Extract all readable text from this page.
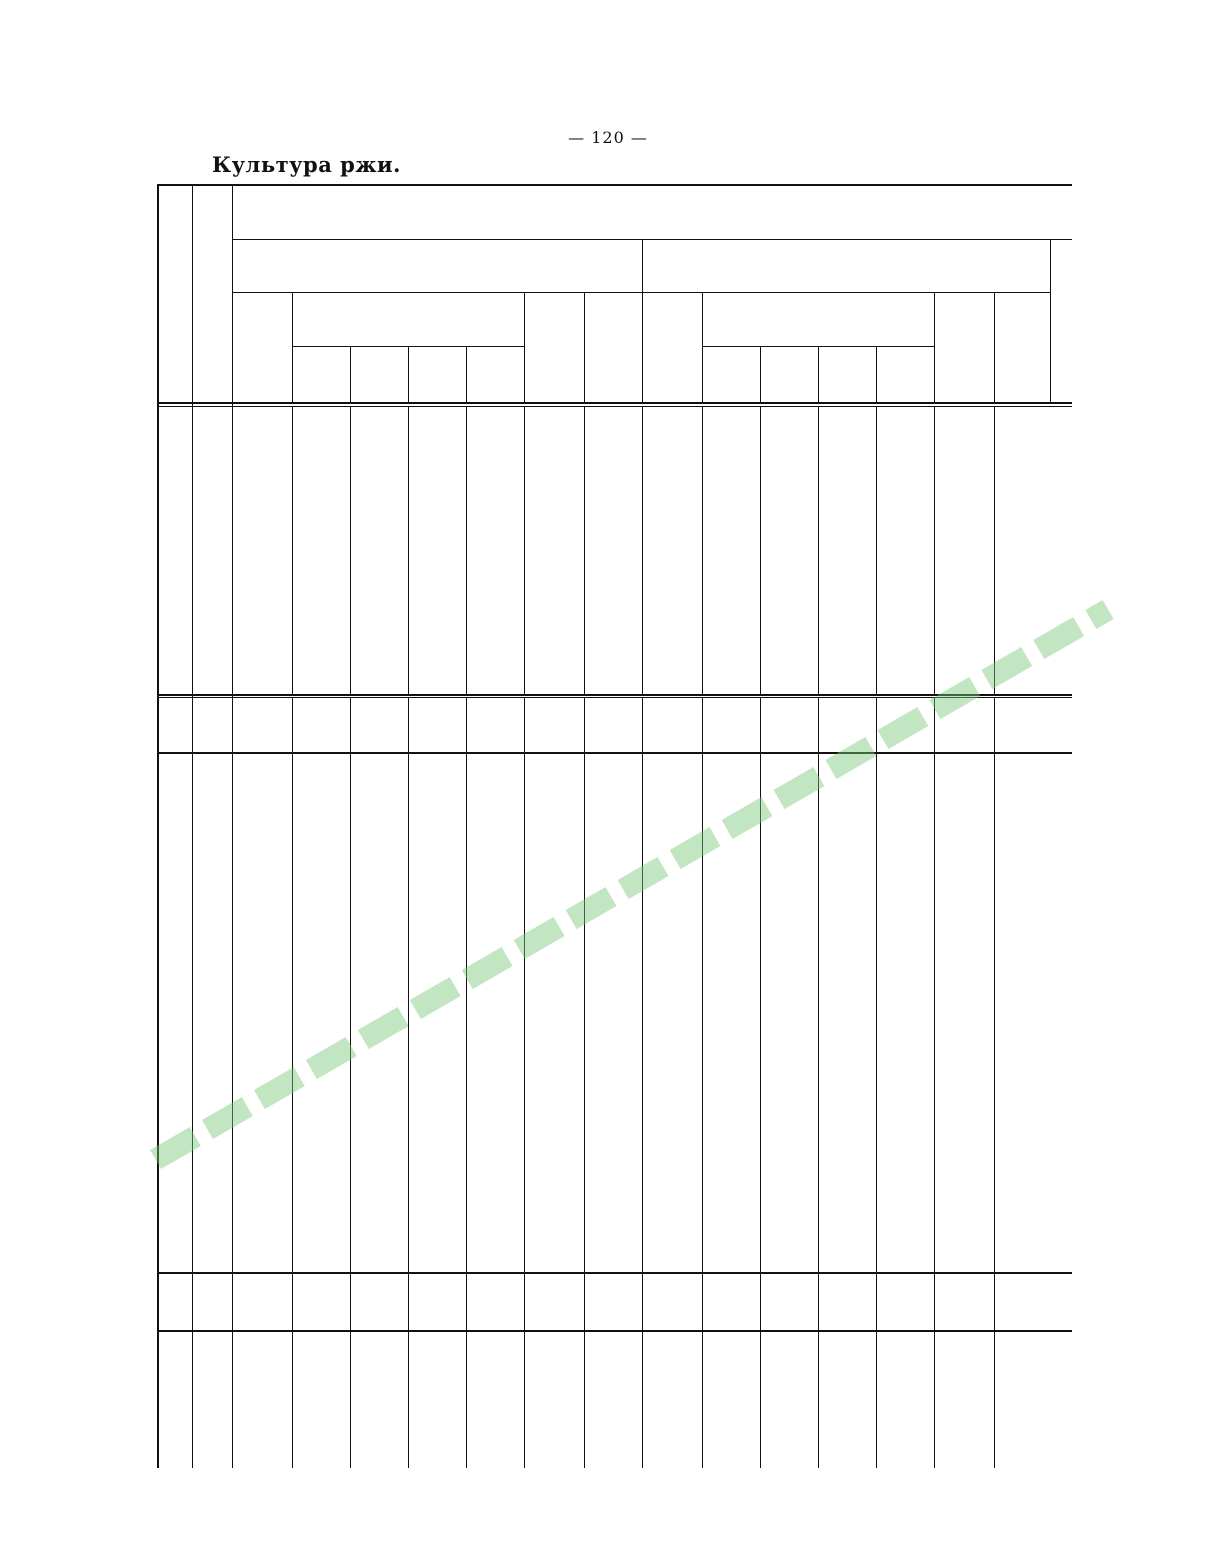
— 120 —
Культура ржи.
